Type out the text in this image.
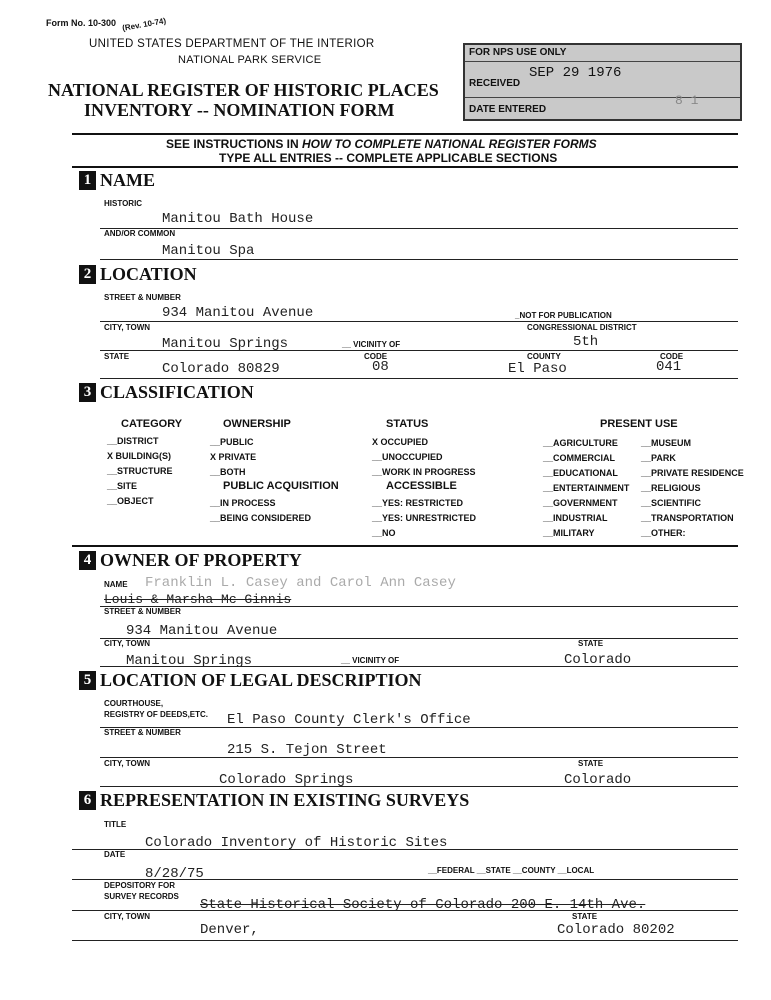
Form No. 10-300 (Rev. 10-74)
UNITED STATES DEPARTMENT OF THE INTERIOR
NATIONAL PARK SERVICE
NATIONAL REGISTER OF HISTORIC PLACES
INVENTORY -- NOMINATION FORM
FOR NPS USE ONLY
RECEIVED
SEP 29 1976
DATE ENTERED
8 1
SEE INSTRUCTIONS IN HOW TO COMPLETE NATIONAL REGISTER FORMS
TYPE ALL ENTRIES -- COMPLETE APPLICABLE SECTIONS
1 NAME
HISTORIC
Manitou Bath House
AND/OR COMMON
Manitou Spa
2 LOCATION
STREET & NUMBER
934 Manitou Avenue	_NOT FOR PUBLICATION
CITY, TOWN	CONGRESSIONAL DISTRICT
Manitou Springs	__ VICINITY OF	5th
STATE	CODE	COUNTY	CODE
Colorado 80829	08	El Paso	041
3 CLASSIFICATION
CATEGORY	OWNERSHIP	STATUS	PRESENT USE
__DISTRICT
X BUILDING(S)
__STRUCTURE
__SITE
__OBJECT
__PUBLIC
X PRIVATE
__BOTH
PUBLIC ACQUISITION
__IN PROCESS
__BEING CONSIDERED
X OCCUPIED
__UNOCCUPIED
__WORK IN PROGRESS
ACCESSIBLE
__YES: RESTRICTED
__YES: UNRESTRICTED
__NO
__AGRICULTURE
__COMMERCIAL
__EDUCATIONAL
__ENTERTAINMENT
__GOVERNMENT
__INDUSTRIAL
__MILITARY
__MUSEUM
__PARK
__PRIVATE RESIDENCE
__RELIGIOUS
__SCIENTIFIC
__TRANSPORTATION
__OTHER:
4 OWNER OF PROPERTY
NAME Franklin L. Casey and Carol Ann Casey
Louis & Marsha Mc Ginnis
STREET & NUMBER
934 Manitou Avenue
CITY, TOWN	STATE
Manitou Springs	__ VICINITY OF	Colorado
5 LOCATION OF LEGAL DESCRIPTION
COURTHOUSE,
REGISTRY OF DEEDS,ETC. El Paso County Clerk's Office
STREET & NUMBER
215 S. Tejon Street
CITY, TOWN	STATE
Colorado Springs	Colorado
6 REPRESENTATION IN EXISTING SURVEYS
TITLE
Colorado Inventory of Historic Sites
DATE
8/28/75	__FEDERAL __STATE __COUNTY __LOCAL
DEPOSITORY FOR
SURVEY RECORDS
State Historical Society of Colorado 200 E. 14th Ave.
CITY, TOWN	STATE
Denver,	Colorado 80202
